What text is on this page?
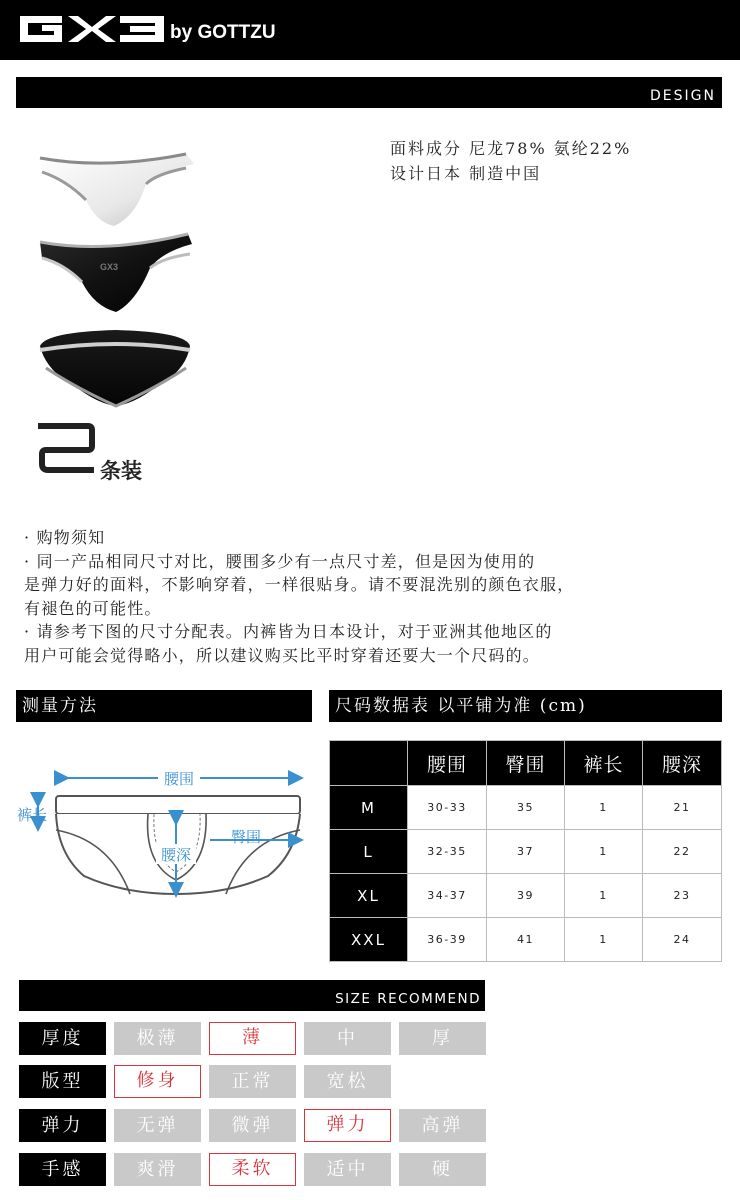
by GOTTZU
DESIGN
GX3
面料成分 尼龙78% 氨纶22%
设计日本 制造中国
条装

· 购物须知

· 同一产品相同尺寸对比，腰围多少有一点尺寸差，但是因为使用的

是弹力好的面料，不影响穿着，一样很贴身。请不要混洗别的颜色衣服，

有褪色的可能性。

· 请参考下图的尺寸分配表。内裤皆为日本设计，对于亚洲其他地区的

用户可能会觉得略小，所以建议购买比平时穿着还要大一个尺码的。

测量方法	尺码数据表 以平铺为准 (cm)
腰围
裤长
臀围
腰深
	腰围	臀围	裤长	腰深
M	30-33	35	1	21
L	32-35	37	1	22
XL	34-37	39	1	23
XXL	36-39	41	1	24
SIZE RECOMMEND
厚度	极薄	薄	中	厚
版型	修身	正常	宽松
弹力	无弹	微弹	弹力	高弹
手感	爽滑	柔软	适中	硬
